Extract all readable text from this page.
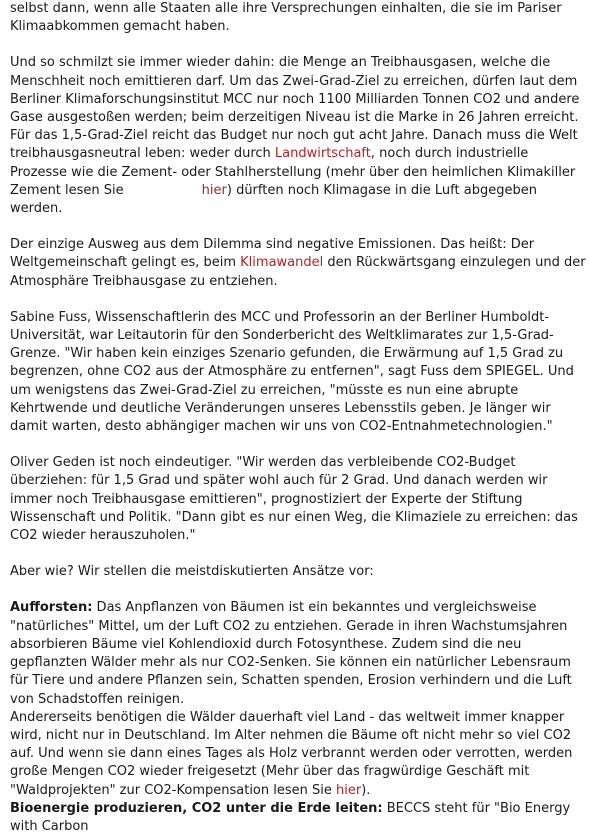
selbst dann, wenn alle Staaten alle ihre Versprechungen einhalten, die sie im Pariser Klimaabkommen gemacht haben.

Und so schmilzt sie immer wieder dahin: die Menge an Treibhausgasen, welche die Menschheit noch emittieren darf. Um das Zwei-Grad-Ziel zu erreichen, dürfen laut dem Berliner Klimaforschungsinstitut MCC nur noch 1100 Milliarden Tonnen CO2 und andere Gase ausgestoßen werden; beim derzeitigen Niveau ist die Marke in 26 Jahren erreicht. Für das 1,5-Grad-Ziel reicht das Budget nur noch gut acht Jahre. Danach muss die Welt treibhausgasneutral leben: weder durch Landwirtschaft, noch durch industrielle Prozesse wie die Zement- oder Stahlherstellung (mehr über den heimlichen Klimakiller Zement lesen Sie	hier) dürften noch Klimagase in die Luft abgegeben werden.

Der einzige Ausweg aus dem Dilemma sind negative Emissionen. Das heißt: Der Weltgemeinschaft gelingt es, beim Klimawandel den Rückwärtsgang einzulegen und der Atmosphäre Treibhausgase zu entziehen.

Sabine Fuss, Wissenschaftlerin des MCC und Professorin an der Berliner Humboldt-Universität, war Leitautorin für den Sonderbericht des Weltklimarates zur 1,5-Grad-Grenze. "Wir haben kein einziges Szenario gefunden, die Erwärmung auf 1,5 Grad zu begrenzen, ohne CO2 aus der Atmosphäre zu entfernen", sagt Fuss dem SPIEGEL. Und um wenigstens das Zwei-Grad-Ziel zu erreichen, "müsste es nun eine abrupte Kehrtwende und deutliche Veränderungen unseres Lebensstils geben. Je länger wir damit warten, desto abhängiger machen wir uns von CO2-Entnahmetechnologien."

Oliver Geden ist noch eindeutiger. "Wir werden das verbleibende CO2-Budget überziehen: für 1,5 Grad und später wohl auch für 2 Grad. Und danach werden wir immer noch Treibhausgase emittieren", prognostiziert der Experte der Stiftung Wissenschaft und Politik. "Dann gibt es nur einen Weg, die Klimaziele zu erreichen: das CO2 wieder herauszuholen."

Aber wie? Wir stellen die meistdiskutierten Ansätze vor:

Aufforsten: Das Anpflanzen von Bäumen ist ein bekanntes und vergleichsweise "natürliches" Mittel, um der Luft CO2 zu entziehen. Gerade in ihren Wachstumsjahren absorbieren Bäume viel Kohlendioxid durch Fotosynthese. Zudem sind die neu gepflanzten Wälder mehr als nur CO2-Senken. Sie können ein natürlicher Lebensraum für Tiere und andere Pflanzen sein, Schatten spenden, Erosion verhindern und die Luft von Schadstoffen reinigen.

Andererseits benötigen die Wälder dauerhaft viel Land - das weltweit immer knapper wird, nicht nur in Deutschland. Im Alter nehmen die Bäume oft nicht mehr so viel CO2 auf. Und wenn sie dann eines Tages als Holz verbrannt werden oder verrotten, werden große Mengen CO2 wieder freigesetzt (Mehr über das fragwürdige Geschäft mit "Waldprojekten" zur CO2-Kompensation lesen Sie hier).

Bioenergie produzieren, CO2 unter die Erde leiten: BECCS steht für "Bio Energy with Carbon
